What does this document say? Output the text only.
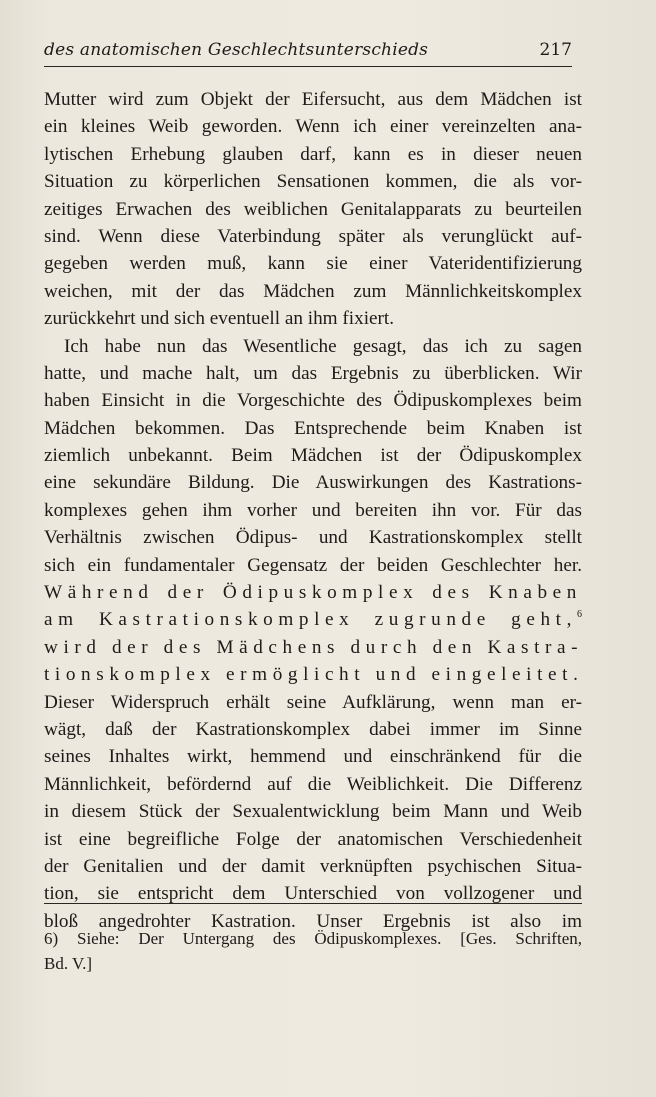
des anatomischen Geschlechtsunterschieds	217
Mutter wird zum Objekt der Eifersucht, aus dem Mädchen ist
ein kleines Weib geworden. Wenn ich einer vereinzelten ana-
lytischen Erhebung glauben darf, kann es in dieser neuen
Situation zu körperlichen Sensationen kommen, die als vor-
zeitiges Erwachen des weiblichen Genitalapparats zu beurteilen
sind. Wenn diese Vaterbindung später als verunglückt auf-
gegeben werden muß, kann sie einer Vateridentifizierung
weichen, mit der das Mädchen zum Männlichkeitskomplex
zurückkehrt und sich eventuell an ihm fixiert.
Ich habe nun das Wesentliche gesagt, das ich zu sagen
hatte, und mache halt, um das Ergebnis zu überblicken. Wir
haben Einsicht in die Vorgeschichte des Ödipuskomplexes beim
Mädchen bekommen. Das Entsprechende beim Knaben ist
ziemlich unbekannt. Beim Mädchen ist der Ödipuskomplex
eine sekundäre Bildung. Die Auswirkungen des Kastrations-
komplexes gehen ihm vorher und bereiten ihn vor. Für das
Verhältnis zwischen Ödipus- und Kastrationskomplex stellt
sich ein fundamentaler Gegensatz der beiden Geschlechter her.
Während der Ödipuskomplex des Knaben
am Kastrationskomplex zugrunde geht,$^6$
wird der des Mädchens durch den Kastra-
tionskomplex ermöglicht und eingeleitet.
Dieser Widerspruch erhält seine Aufklärung, wenn man er-
wägt, daß der Kastrationskomplex dabei immer im Sinne
seines Inhaltes wirkt, hemmend und einschränkend für die
Männlichkeit, befördernd auf die Weiblichkeit. Die Differenz
in diesem Stück der Sexualentwicklung beim Mann und Weib
ist eine begreifliche Folge der anatomischen Verschiedenheit
der Genitalien und der damit verknüpften psychischen Situa-
tion, sie entspricht dem Unterschied von vollzogener und
bloß angedrohter Kastration. Unser Ergebnis ist also im
6) Siehe: Der Untergang des Ödipuskomplexes. [Ges. Schriften,
Bd. V.]
